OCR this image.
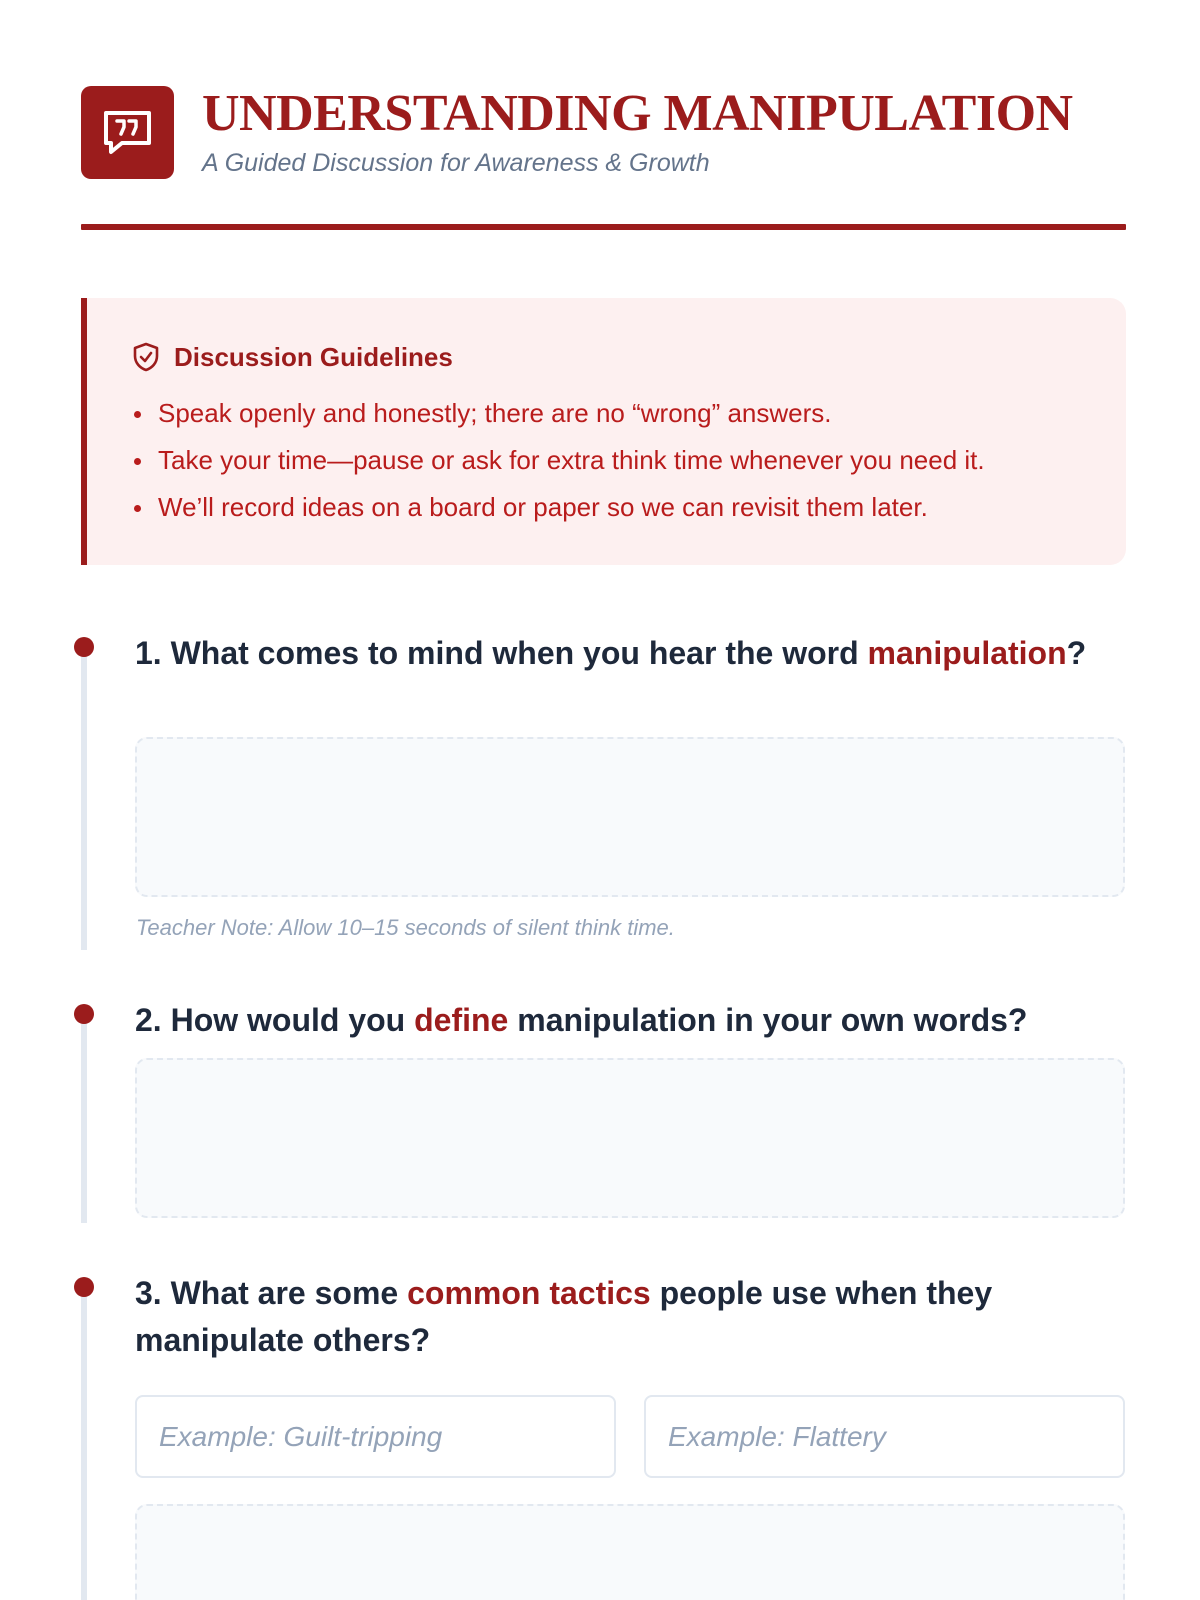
UNDERSTANDING MANIPULATION
A Guided Discussion for Awareness & Growth
Discussion Guidelines
Speak openly and honestly; there are no “wrong” answers.
Take your time—pause or ask for extra think time whenever you need it.
We’ll record ideas on a board or paper so we can revisit them later.
1. What comes to mind when you hear the word manipulation?
Teacher Note: Allow 10–15 seconds of silent think time.
2. How would you define manipulation in your own words?
3. What are some common tactics people use when they manipulate others?
Example: Guilt-tripping
Example: Flattery
